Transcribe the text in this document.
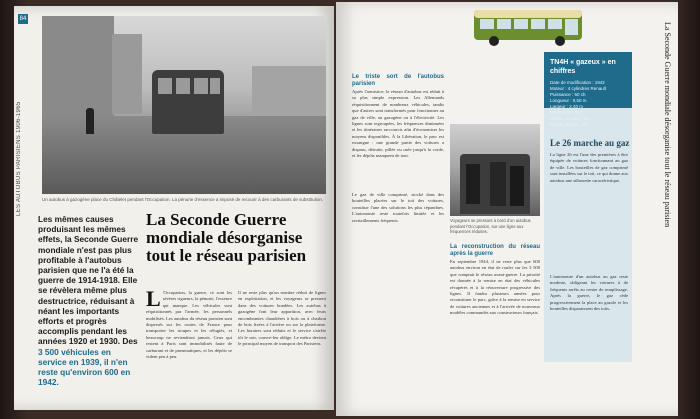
84
LES AUTOBUS PARISIENS 1906-1965	Un autobus à gazogène place du Châtelet pendant l'Occupation. La pénurie d'essence a imposé de recourir à des carburants de substitution.
Les mêmes causes produisant les mêmes effets, la Seconde Guerre mondiale n'est pas plus profitable à l'autobus parisien que ne l'a été la guerre de 1914-1918. Elle se révèlera même plus destructrice, réduisant à néant les importants efforts et progrès accomplis pendant les années 1920 et 1930. Des 3 500 véhicules en service en 1939, il n'en reste qu'environ 600 en 1942.
La Seconde Guerre mondiale désorganise tout le réseau parisien
L 'Occupation, la guerre, ce sont les sévères rigueurs, la pénurie, l'essence qui manque. Les véhicules sont réquisitionnés par l'armée, les personnels mobilisés. Les autobus du réseau parisien sont dispersés sur les routes de France pour transporter les troupes et les réfugiés, et beaucoup ne reviendront jamais. Ceux qui restent à Paris sont immobilisés faute de carburant et de pneumatiques, et les dépôts se vident peu à peu.
Il ne reste plus qu'un nombre réduit de lignes en exploitation, et les voyageurs se pressent dans des voitures bondées. Les autobus à gazogène font leur apparition, avec leurs encombrantes chaudières à bois ou à charbon de bois fixées à l'arrière ou sur la plateforme. Les horaires sont réduits et le service s'arrête tôt le soir, couvre-feu oblige. Le métro devient le principal moyen de transport des Parisiens.
Le triste sort de l'autobus parisien
Après l'armistice, le réseau d'autobus est réduit à sa plus simple expression. Les Allemands réquisitionnent de nombreux véhicules, tandis que d'autres sont transformés pour fonctionner au gaz de ville, au gazogène ou à l'électricité. Les lignes sont regroupées, les fréquences diminuées et les itinéraires raccourcis afin d'économiser les moyens disponibles. À la Libération, le parc est exsangue : une grande partie des voitures a disparu, détruite, pillée ou usée jusqu'à la corde, et les dépôts manquent de tout.
Le gaz de ville comprimé, stocké dans des bouteilles placées sur le toit des voitures, constitue l'une des solutions les plus répandues. L'autonomie reste toutefois limitée et les ravitaillements fréquents.	Voyageurs se pressant à bord d'un autobus pendant l'Occupation, sur une ligne aux fréquences réduites.
La reconstruction du réseau après la guerre
En septembre 1944, il ne reste plus que 600 autobus environ en état de rouler sur les 3 500 que comptait le réseau avant-guerre. La priorité est donnée à la remise en état des véhicules récupérés et à la réouverture progressive des lignes. Il faudra plusieurs années pour reconstituer le parc, grâce à la remise en service de voitures anciennes et à l'arrivée de nouveaux modèles commandés aux constructeurs français.
TN4H « gazeux » en chiffres
Date de modification : 1942
Moteur : 4 cylindres Renault
Puissance : 50 ch
Longueur : 9,50 m
Largeur : 2,40 m
Poids total : 10 t
Places assises : 32
Places debout : 18
Le 26 marche au gaz
La ligne 26 est l'une des premières à être équipée de voitures fonctionnant au gaz de ville. Les bouteilles de gaz comprimé sont installées sur le toit, ce qui donne aux autobus une silhouette caractéristique.
L'autonomie d'un autobus au gaz reste modeste, obligeant les voitures à de fréquents arrêts au centre de remplissage. Après la guerre, le gaz cède progressivement la place au gazole et les bouteilles disparaissent des toits.
La Seconde Guerre mondiale désorganise tout le réseau parisien
